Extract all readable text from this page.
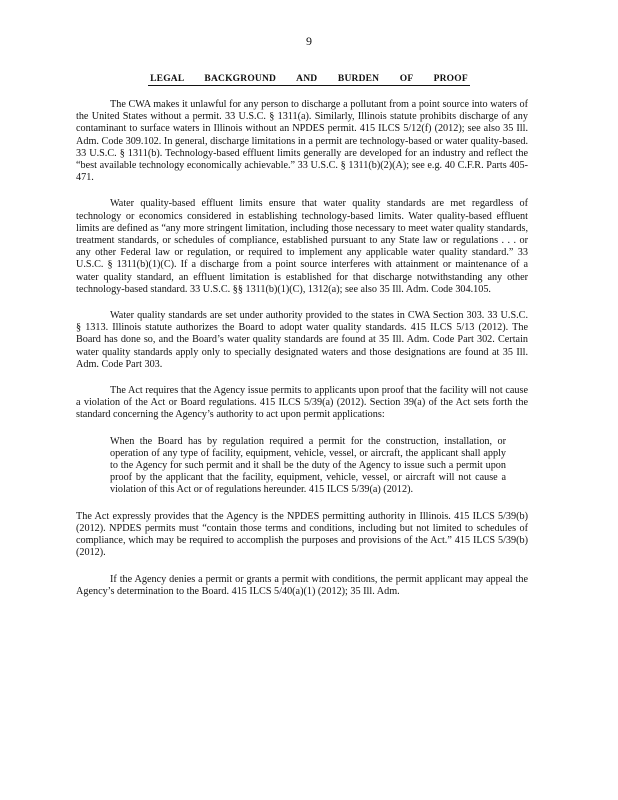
9
LEGAL BACKGROUND AND BURDEN OF PROOF

The CWA makes it unlawful for any person to discharge a pollutant from a point source into waters of the United States without a permit. 33 U.S.C. § 1311(a). Similarly, Illinois statute prohibits discharge of any contaminant to surface waters in Illinois without an NPDES permit. 415 ILCS 5/12(f) (2012); see also 35 Ill. Adm. Code 309.102. In general, discharge limitations in a permit are technology-based or water quality-based. 33 U.S.C. § 1311(b). Technology-based effluent limits generally are developed for an industry and reflect the “best available technology economically achievable.” 33 U.S.C. § 1311(b)(2)(A); see e.g. 40 C.F.R. Parts 405-471.

Water quality-based effluent limits ensure that water quality standards are met regardless of technology or economics considered in establishing technology-based limits. Water quality-based effluent limits are defined as “any more stringent limitation, including those necessary to meet water quality standards, treatment standards, or schedules of compliance, established pursuant to any State law or regulations . . . or any other Federal law or regulation, or required to implement any applicable water quality standard.” 33 U.S.C. § 1311(b)(1)(C). If a discharge from a point source interferes with attainment or maintenance of a water quality standard, an effluent limitation is established for that discharge notwithstanding any other technology-based standard. 33 U.S.C. §§ 1311(b)(1)(C), 1312(a); see also 35 Ill. Adm. Code 304.105.

Water quality standards are set under authority provided to the states in CWA Section 303. 33 U.S.C. § 1313. Illinois statute authorizes the Board to adopt water quality standards. 415 ILCS 5/13 (2012). The Board has done so, and the Board’s water quality standards are found at 35 Ill. Adm. Code Part 302. Certain water quality standards apply only to specially designated waters and those designations are found at 35 Ill. Adm. Code Part 303.

The Act requires that the Agency issue permits to applicants upon proof that the facility will not cause a violation of the Act or Board regulations. 415 ILCS 5/39(a) (2012). Section 39(a) of the Act sets forth the standard concerning the Agency’s authority to act upon permit applications:

When the Board has by regulation required a permit for the construction, installation, or operation of any type of facility, equipment, vehicle, vessel, or aircraft, the applicant shall apply to the Agency for such permit and it shall be the duty of the Agency to issue such a permit upon proof by the applicant that the facility, equipment, vehicle, vessel, or aircraft will not cause a violation of this Act or of regulations hereunder. 415 ILCS 5/39(a) (2012).

The Act expressly provides that the Agency is the NPDES permitting authority in Illinois. 415 ILCS 5/39(b) (2012). NPDES permits must “contain those terms and conditions, including but not limited to schedules of compliance, which may be required to accomplish the purposes and provisions of the Act.” 415 ILCS 5/39(b) (2012).

If the Agency denies a permit or grants a permit with conditions, the permit applicant may appeal the Agency’s determination to the Board. 415 ILCS 5/40(a)(1) (2012); 35 Ill. Adm.
